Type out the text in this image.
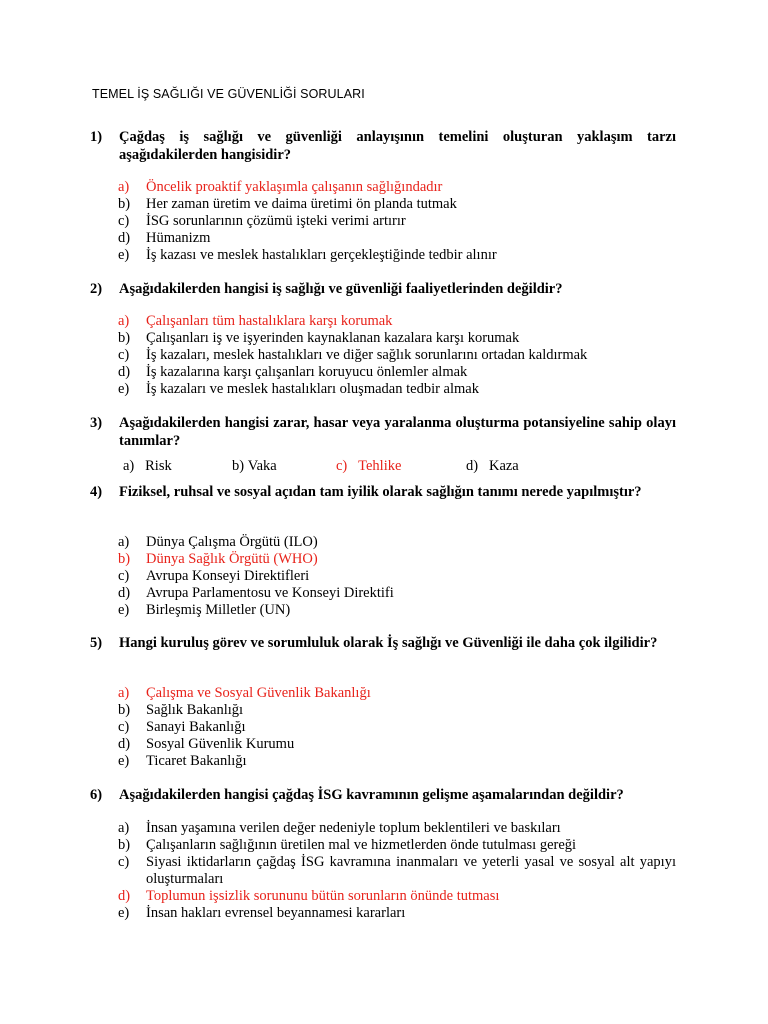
TEMEL İŞ SAĞLIĞI VE GÜVENLİĞİ SORULARI
1) Çağdaş iş sağlığı ve güvenliği anlayışının temelini oluşturan yaklaşım tarzı aşağıdakilerden hangisidir?
a) Öncelik proaktif yaklaşımla çalışanın sağlığındadır
b) Her zaman üretim ve daima üretimi ön planda tutmak
c) İSG sorunlarının çözümü işteki verimi artırır
d) Hümanizm
e) İş kazası ve meslek hastalıkları gerçekleştiğinde tedbir alınır
2) Aşağıdakilerden hangisi iş sağlığı ve güvenliği faaliyetlerinden değildir?
a) Çalışanları tüm hastalıklara karşı korumak
b) Çalışanları iş ve işyerinden kaynaklanan kazalara karşı korumak
c) İş kazaları, meslek hastalıkları ve diğer sağlık sorunlarını ortadan kaldırmak
d) İş kazalarına karşı çalışanları koruyucu önlemler almak
e) İş kazaları ve meslek hastalıkları oluşmadan tedbir almak
3) Aşağıdakilerden hangisi zarar, hasar veya yaralanma oluşturma potansiyeline sahip olayı tanımlar?
a) Risk	b) Vaka	c) Tehlike	d) Kaza
4) Fiziksel, ruhsal ve sosyal açıdan tam iyilik olarak sağlığın tanımı nerede yapılmıştır?
a) Dünya Çalışma Örgütü (ILO)
b) Dünya Sağlık Örgütü (WHO)
c) Avrupa Konseyi Direktifleri
d) Avrupa Parlamentosu ve Konseyi Direktifi
e) Birleşmiş Milletler (UN)
5) Hangi kuruluş görev ve sorumluluk olarak İş sağlığı ve Güvenliği ile daha çok ilgilidir?
a) Çalışma ve Sosyal Güvenlik Bakanlığı
b) Sağlık Bakanlığı
c) Sanayi Bakanlığı
d) Sosyal Güvenlik Kurumu
e) Ticaret Bakanlığı
6) Aşağıdakilerden hangisi çağdaş İSG kavramının gelişme aşamalarından değildir?
a) İnsan yaşamına verilen değer nedeniyle toplum beklentileri ve baskıları
b) Çalışanların sağlığının üretilen mal ve hizmetlerden önde tutulması gereği
c) Siyasi iktidarların çağdaş İSG kavramına inanmaları ve yeterli yasal ve sosyal alt yapıyı oluşturmaları
d) Toplumun işsizlik sorununu bütün sorunların önünde tutması
e) İnsan hakları evrensel beyannamesi kararları
